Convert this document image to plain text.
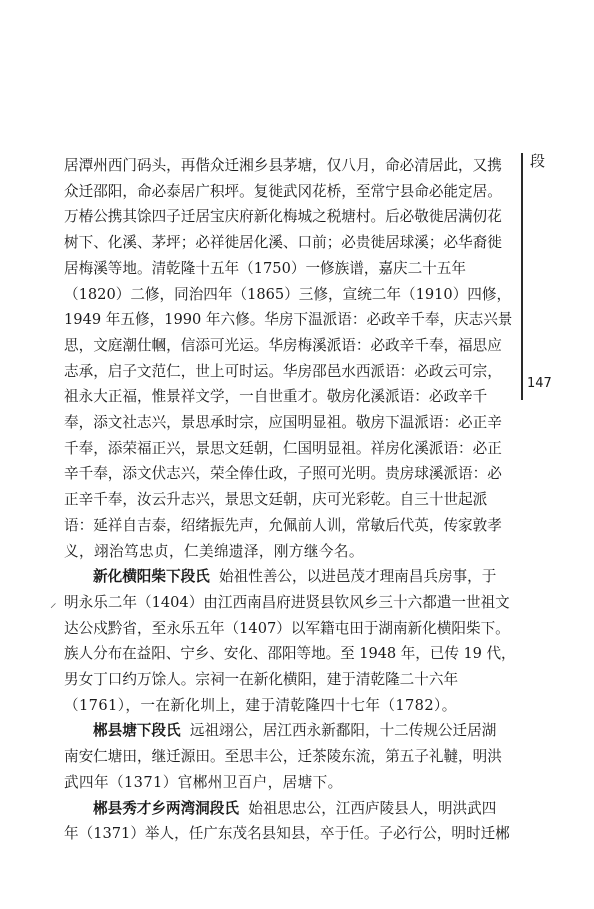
段
147
⸝

居潭州西门码头，再偕众迁湘乡县茅塘，仅八月，命必清居此，又携
众迁邵阳，命必泰居广积坪。复徙武冈花桥，至常宁县命必能定居。
万椿公携其馀四子迁居宝庆府新化梅城之税塘村。后必敬徙居满仞花
树下、化溪、茅坪；必祥徙居化溪、口前；必贵徙居球溪；必华裔徙
居梅溪等地。清乾隆十五年（1750）一修族谱，嘉庆二十五年
（1820）二修，同治四年（1865）三修，宣统二年（1910）四修，
1949 年五修，1990 年六修。华房下温派语：必政辛千奉，庆志兴景
思，文庭潮仕幗，信添可光运。华房梅溪派语：必政辛千奉，福思应
志承，启子文范仁，世上可时运。华房邵邑水西派语：必政云可宗，
祖永大正福，惟景祥文学，一自世重才。敬房化溪派语：必政辛千
奉，添文社志兴，景思承时宗，应国明显祖。敬房下温派语：必正辛
千奉，添荣福正兴，景思文廷朝，仁国明显祖。祥房化溪派语：必正
辛千奉，添文伏志兴，荣全俸仕政，子照可光明。贵房球溪派语：必
正辛千奉，汝云升志兴，景思文廷朝，庆可光彩乾。自三十世起派
语：延祥自吉泰，绍绪振先声，允佩前人训，常敏后代英，传家敦孝
义，翊治笃忠贞，仁美绵遗泽，刚方继今名。

新化横阳柴下段氏 始祖性善公，以进邑茂才理南昌兵房事，于
明永乐二年（1404）由江西南昌府进贤县钦风乡三十六都遣一世祖文
达公戍黔省，至永乐五年（1407）以军籍屯田于湖南新化横阳柴下。
族人分布在益阳、宁乡、安化、邵阳等地。至 1948 年，已传 19 代，
男女丁口约万馀人。宗祠一在新化横阳，建于清乾隆二十六年
（1761），一在新化圳上，建于清乾隆四十七年（1782）。

郴县塘下段氏 远祖翊公，居江西永新鄱阳，十二传规公迁居湖
南安仁塘田，继迁源田。至思丰公，迁茶陵东流，第五子礼韃，明洪
武四年（1371）官郴州卫百户，居塘下。

郴县秀才乡两湾洞段氏 始祖思忠公，江西庐陵县人，明洪武四
年（1371）举人，任广东茂名县知县，卒于任。子必行公，明时迁郴
